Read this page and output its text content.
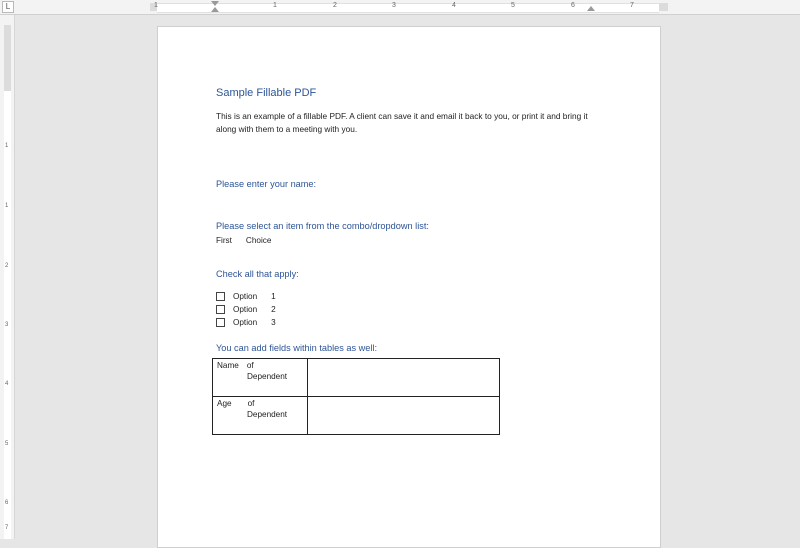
L	1	1	2	3	4	5	6	7
1
1
2
3
4
5
6
7
Sample Fillable PDF
This is an example of a fillable PDF. A client can save it and email it back to you, or print it and bring it along with them to a meeting with you.
Please enter your name:
Please select an item from the combo/dropdown list:
First Choice
Check all that apply:
Option 1
Option 2
Option 3
You can add fields within tables as well:
Name of
Dependent	

Age of
Dependent	
